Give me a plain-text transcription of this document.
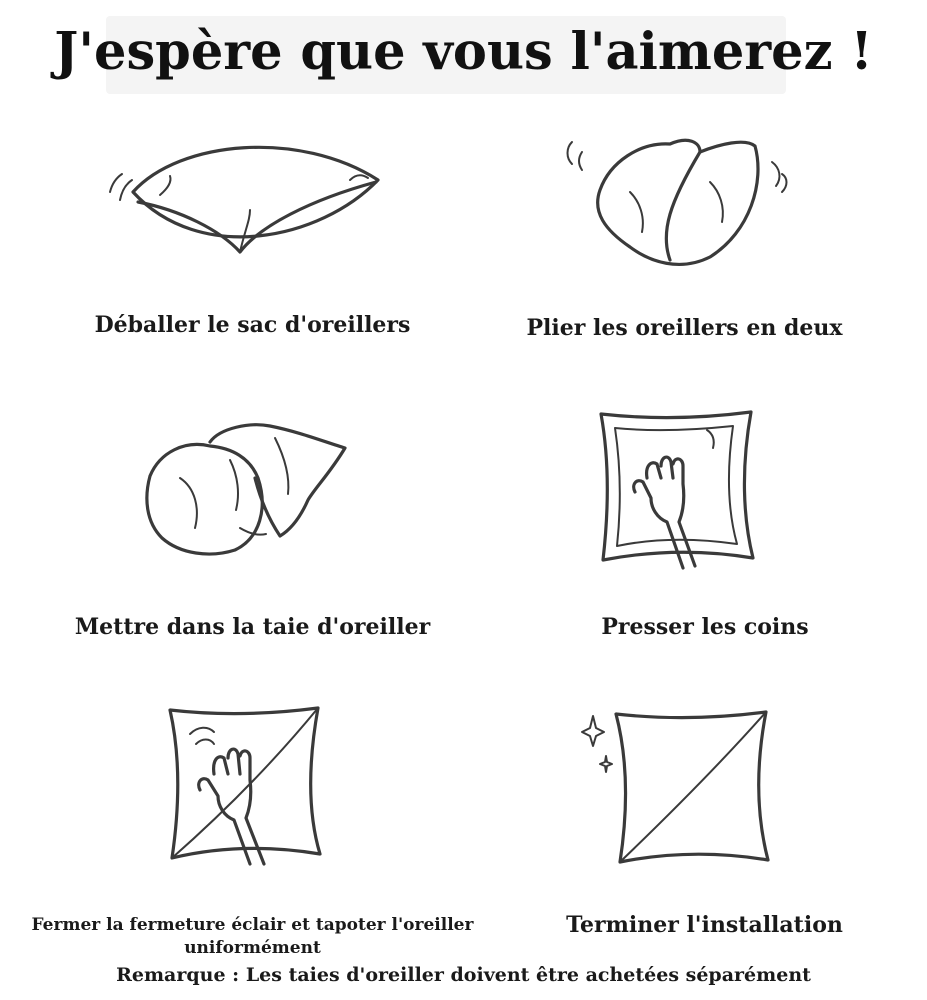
J'espère que vous l'aimerez !
Déballer le sac d'oreillers	Plier les oreillers en deux
Mettre dans la taie d'oreiller	Presser les coins
Fermer la fermeture éclair et tapoter l'oreiller uniformément
Terminer l'installation
Remarque : Les taies d'oreiller doivent être achetées séparément
